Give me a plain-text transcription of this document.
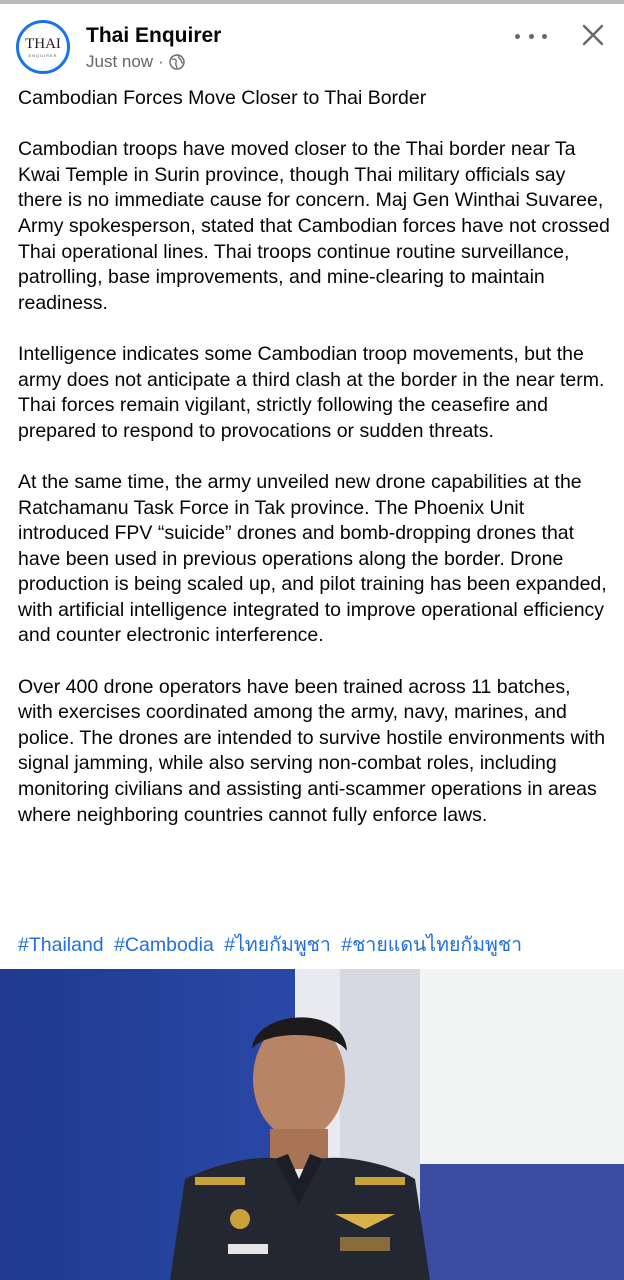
THAI
ENQUIRER
Thai Enquirer
Just now ·

Cambodian Forces Move Closer to Thai Border

Cambodian troops have moved closer to the Thai border near Ta Kwai Temple in Surin province, though Thai military officials say there is no immediate cause for concern. Maj Gen Winthai Suvaree, Army spokesperson, stated that Cambodian forces have not crossed Thai operational lines. Thai troops continue routine surveillance, patrolling, base improvements, and mine-clearing to maintain readiness.

Intelligence indicates some Cambodian troop movements, but the army does not anticipate a third clash at the border in the near term. Thai forces remain vigilant, strictly following the ceasefire and prepared to respond to provocations or sudden threats.

At the same time, the army unveiled new drone capabilities at the Ratchamanu Task Force in Tak province. The Phoenix Unit introduced FPV “suicide” drones and bomb-dropping drones that have been used in previous operations along the border. Drone production is being scaled up, and pilot training has been expanded, with artificial intelligence integrated to improve operational efficiency and counter electronic interference.

Over 400 drone operators have been trained across 11 batches, with exercises coordinated among the army, navy, marines, and police. The drones are intended to survive hostile environments with signal jamming, while also serving non-combat roles, including monitoring civilians and assisting anti-scammer operations in areas where neighboring countries cannot fully enforce laws.

#Thailand #Cambodia #ไทยกัมพูชา #ชายแดนไทยกัมพูชา
